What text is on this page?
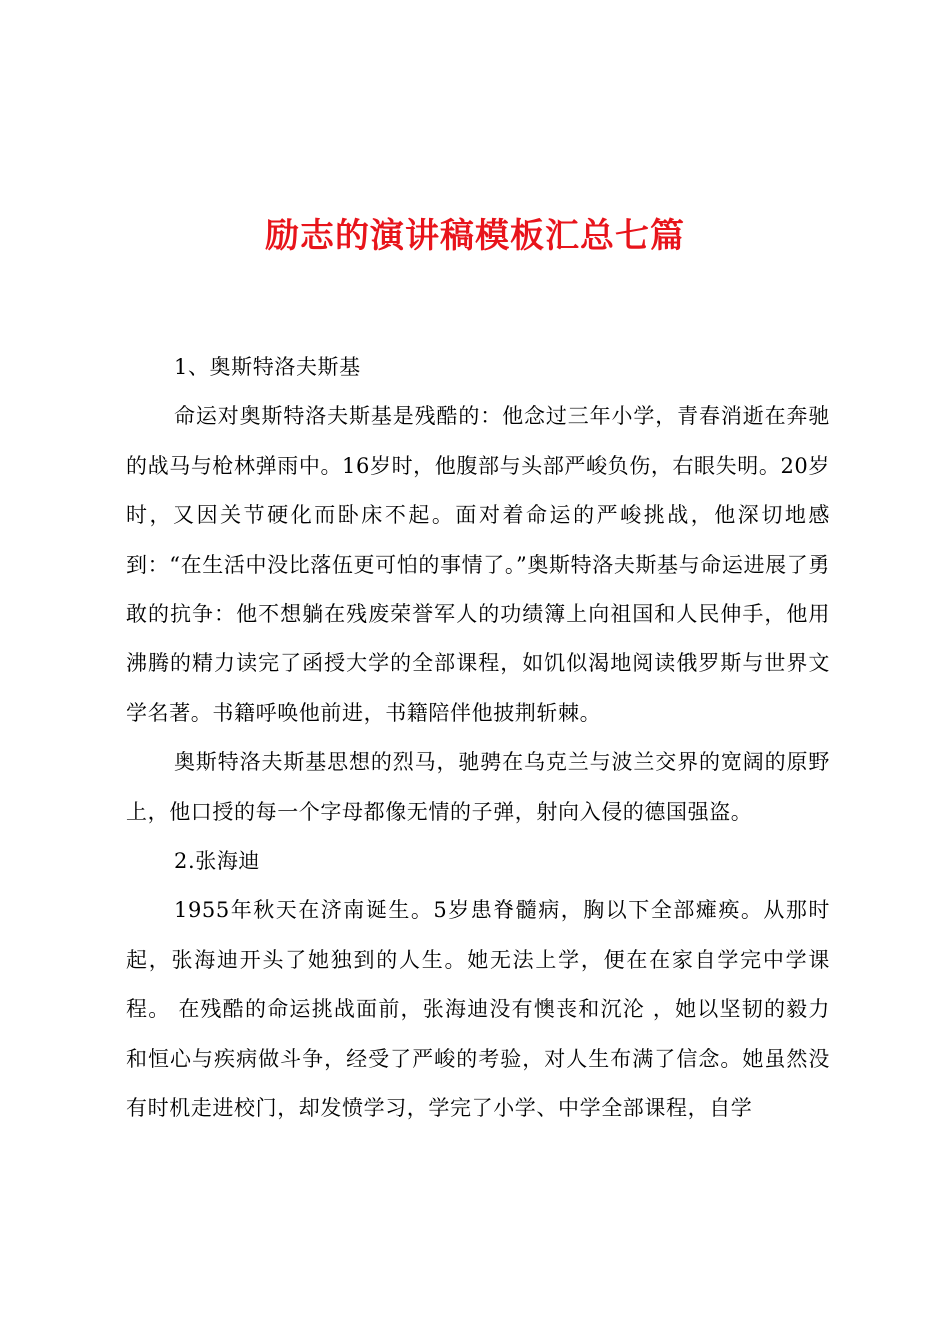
励志的演讲稿模板汇总七篇

1、奥斯特洛夫斯基

命运对奥斯特洛夫斯基是残酷的：他念过三年小学，青春消逝在奔驰的战马与枪林弹雨中。16岁时，他腹部与头部严峻负伤，右眼失明。20岁时，又因关节硬化而卧床不起。面对着命运的严峻挑战，他深切地感到：“在生活中没比落伍更可怕的事情了。”奥斯特洛夫斯基与命运进展了勇敢的抗争：他不想躺在残废荣誉军人的功绩簿上向祖国和人民伸手，他用沸腾的精力读完了函授大学的全部课程，如饥似渴地阅读俄罗斯与世界文学名著。书籍呼唤他前进，书籍陪伴他披荆斩棘。

奥斯特洛夫斯基思想的烈马，驰骋在乌克兰与波兰交界的宽阔的原野上，他口授的每一个字母都像无情的子弹，射向入侵的德国强盗。

2.张海迪

1955年秋天在济南诞生。5岁患脊髓病，胸以下全部瘫痪。从那时起，张海迪开头了她独到的人生。她无法上学，便在在家自学完中学课程。 在残酷的命运挑战面前，张海迪没有懊丧和沉沦 ，她以坚韧的毅力和恒心与疾病做斗争，经受了严峻的考验，对人生布满了信念。她虽然没有时机走进校门，却发愤学习，学完了小学、中学全部课程，自学
